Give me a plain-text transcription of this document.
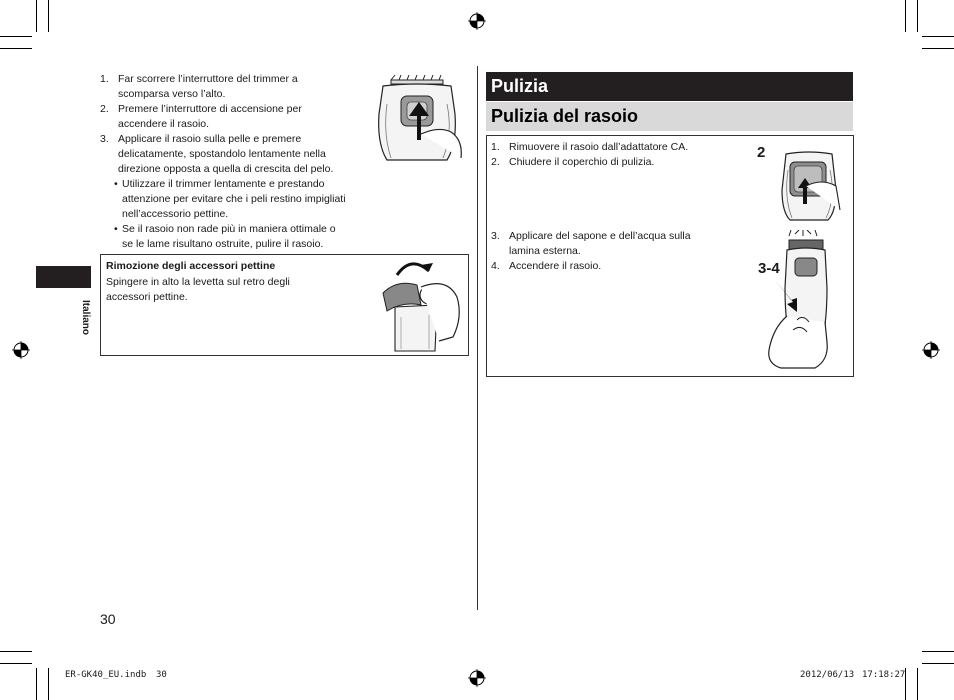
Italiano
1. Far scorrere l’interruttore del trimmer a
scomparsa verso l’alto.
2. Premere l’interruttore di accensione per
accendere il rasoio.
3. Applicare il rasoio sulla pelle e premere
delicatamente, spostandolo lentamente nella
direzione opposta a quella di crescita del pelo.
• Utilizzare il trimmer lentamente e prestando
attenzione per evitare che i peli restino impigliati
nell’accessorio pettine.
• Se il rasoio non rade più in maniera ottimale o
se le lame risultano ostruite, pulire il rasoio.
Rimozione degli accessori pettine
Spingere in alto la levetta sul retro degli
accessori pettine.
30
Pulizia
Pulizia del rasoio
1. Rimuovere il rasoio dall’adattatore CA.
2. Chiudere il coperchio di pulizia.
3. Applicare del sapone e dell’acqua sulla
lamina esterna.
4. Accendere il rasoio.
2
3-4
ER-GK40_EU.indb 30	2012/06/13 17:18:27
